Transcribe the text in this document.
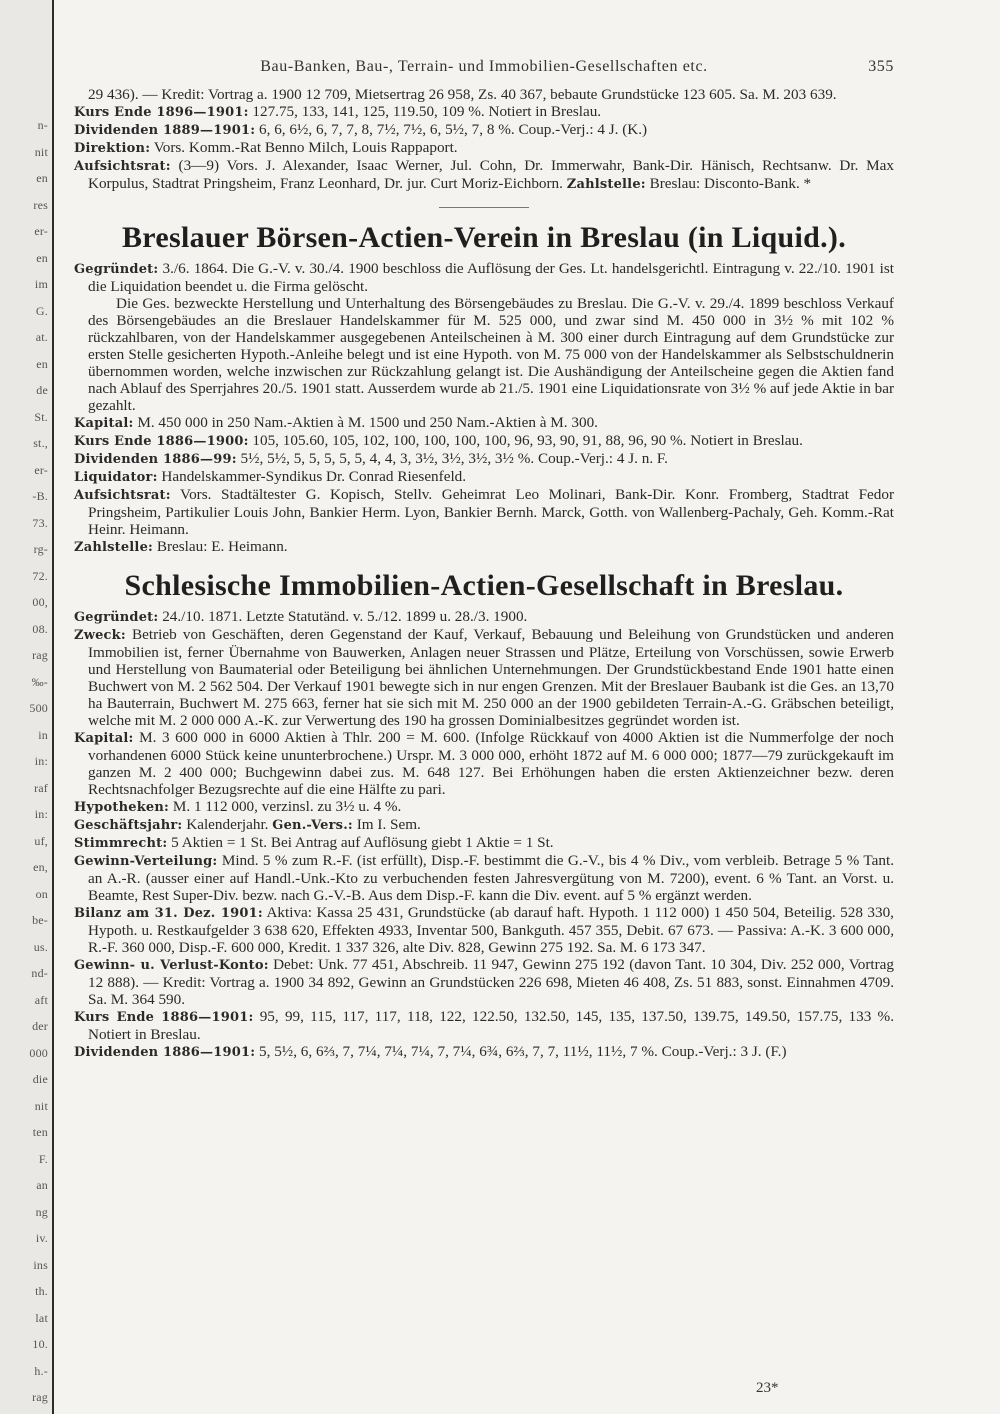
n-
nit
en
res
er-
en
im
G.
at.
en
de
St.
st.,
er-
-B.
73.
rg-
72.
00,
08.
rag
‰-
500
in
in:
raf
in:
uf,
en,
on
be-
us.
nd-
aft
der
000
die
nit
ten
F.
an
ng
iv.
ins
th.
lat
10.
h.-
rag
Bau-Banken, Bau-, Terrain- und Immobilien-Gesellschaften etc.	355

29 436). — Kredit: Vortrag a. 1900 12 709, Mietsertrag 26 958, Zs. 40 367, bebaute Grundstücke 123 605. Sa. M. 203 639.

Kurs Ende 1896—1901: 127.75, 133, 141, 125, 119.50, 109 %. Notiert in Breslau.

Dividenden 1889—1901: 6, 6, 6½, 6, 7, 7, 8, 7½, 7½, 6, 5½, 7, 8 %. Coup.-Verj.: 4 J. (K.)

Direktion: Vors. Komm.-Rat Benno Milch, Louis Rappaport.

Aufsichtsrat: (3—9) Vors. J. Alexander, Isaac Werner, Jul. Cohn, Dr. Immerwahr, Bank-Dir. Hänisch, Rechtsanw. Dr. Max Korpulus, Stadtrat Pringsheim, Franz Leonhard, Dr. jur. Curt Moriz-Eichborn. Zahlstelle: Breslau: Disconto-Bank. *

Breslauer Börsen-Actien-Verein in Breslau (in Liquid.).

Gegründet: 3./6. 1864. Die G.-V. v. 30./4. 1900 beschloss die Auflösung der Ges. Lt. handelsgerichtl. Eintragung v. 22./10. 1901 ist die Liquidation beendet u. die Firma gelöscht.

Die Ges. bezweckte Herstellung und Unterhaltung des Börsengebäudes zu Breslau. Die G.-V. v. 29./4. 1899 beschloss Verkauf des Börsengebäudes an die Breslauer Handelskammer für M. 525 000, und zwar sind M. 450 000 in 3½ % mit 102 % rückzahlbaren, von der Handelskammer ausgegebenen Anteilscheinen à M. 300 einer durch Eintragung auf dem Grundstücke zur ersten Stelle gesicherten Hypoth.-Anleihe belegt und ist eine Hypoth. von M. 75 000 von der Handelskammer als Selbstschuldnerin übernommen worden, welche inzwischen zur Rückzahlung gelangt ist. Die Aushändigung der Anteilscheine gegen die Aktien fand nach Ablauf des Sperrjahres 20./5. 1901 statt. Ausserdem wurde ab 21./5. 1901 eine Liquidationsrate von 3½ % auf jede Aktie in bar gezahlt.

Kapital: M. 450 000 in 250 Nam.-Aktien à M. 1500 und 250 Nam.-Aktien à M. 300.

Kurs Ende 1886—1900: 105, 105.60, 105, 102, 100, 100, 100, 100, 96, 93, 90, 91, 88, 96, 90 %. Notiert in Breslau.

Dividenden 1886—99: 5½, 5½, 5, 5, 5, 5, 5, 4, 4, 3, 3½, 3½, 3½, 3½ %. Coup.-Verj.: 4 J. n. F.

Liquidator: Handelskammer-Syndikus Dr. Conrad Riesenfeld.

Aufsichtsrat: Vors. Stadtältester G. Kopisch, Stellv. Geheimrat Leo Molinari, Bank-Dir. Konr. Fromberg, Stadtrat Fedor Pringsheim, Partikulier Louis John, Bankier Herm. Lyon, Bankier Bernh. Marck, Gotth. von Wallenberg-Pachaly, Geh. Komm.-Rat Heinr. Heimann.

Zahlstelle: Breslau: E. Heimann.

Schlesische Immobilien-Actien-Gesellschaft in Breslau.

Gegründet: 24./10. 1871. Letzte Statutänd. v. 5./12. 1899 u. 28./3. 1900.

Zweck: Betrieb von Geschäften, deren Gegenstand der Kauf, Verkauf, Bebauung und Beleihung von Grundstücken und anderen Immobilien ist, ferner Übernahme von Bauwerken, Anlagen neuer Strassen und Plätze, Erteilung von Vorschüssen, sowie Erwerb und Herstellung von Baumaterial oder Beteiligung bei ähnlichen Unternehmungen. Der Grundstückbestand Ende 1901 hatte einen Buchwert von M. 2 562 504. Der Verkauf 1901 bewegte sich in nur engen Grenzen. Mit der Breslauer Baubank ist die Ges. an 13,70 ha Bauterrain, Buchwert M. 275 663, ferner hat sie sich mit M. 250 000 an der 1900 gebildeten Terrain-A.-G. Gräbschen beteiligt, welche mit M. 2 000 000 A.-K. zur Verwertung des 190 ha grossen Dominialbesitzes gegründet worden ist.

Kapital: M. 3 600 000 in 6000 Aktien à Thlr. 200 = M. 600. (Infolge Rückkauf von 4000 Aktien ist die Nummerfolge der noch vorhandenen 6000 Stück keine ununterbrochene.) Urspr. M. 3 000 000, erhöht 1872 auf M. 6 000 000; 1877—79 zurückgekauft im ganzen M. 2 400 000; Buchgewinn dabei zus. M. 648 127. Bei Erhöhungen haben die ersten Aktienzeichner bezw. deren Rechtsnachfolger Bezugsrechte auf die eine Hälfte zu pari.

Hypotheken: M. 1 112 000, verzinsl. zu 3½ u. 4 %.

Geschäftsjahr: Kalenderjahr. Gen.-Vers.: Im I. Sem.

Stimmrecht: 5 Aktien = 1 St. Bei Antrag auf Auflösung giebt 1 Aktie = 1 St.

Gewinn-Verteilung: Mind. 5 % zum R.-F. (ist erfüllt), Disp.-F. bestimmt die G.-V., bis 4 % Div., vom verbleib. Betrage 5 % Tant. an A.-R. (ausser einer auf Handl.-Unk.-Kto zu verbuchenden festen Jahresvergütung von M. 7200), event. 6 % Tant. an Vorst. u. Beamte, Rest Super-Div. bezw. nach G.-V.-B. Aus dem Disp.-F. kann die Div. event. auf 5 % ergänzt werden.

Bilanz am 31. Dez. 1901: Aktiva: Kassa 25 431, Grundstücke (ab darauf haft. Hypoth. 1 112 000) 1 450 504, Beteilig. 528 330, Hypoth. u. Restkaufgelder 3 638 620, Effekten 4933, Inventar 500, Bankguth. 457 355, Debit. 67 673. — Passiva: A.-K. 3 600 000, R.-F. 360 000, Disp.-F. 600 000, Kredit. 1 337 326, alte Div. 828, Gewinn 275 192. Sa. M. 6 173 347.

Gewinn- u. Verlust-Konto: Debet: Unk. 77 451, Abschreib. 11 947, Gewinn 275 192 (davon Tant. 10 304, Div. 252 000, Vortrag 12 888). — Kredit: Vortrag a. 1900 34 892, Gewinn an Grundstücken 226 698, Mieten 46 408, Zs. 51 883, sonst. Einnahmen 4709. Sa. M. 364 590.

Kurs Ende 1886—1901: 95, 99, 115, 117, 117, 118, 122, 122.50, 132.50, 145, 135, 137.50, 139.75, 149.50, 157.75, 133 %. Notiert in Breslau.

Dividenden 1886—1901: 5, 5½, 6, 6⅔, 7, 7¼, 7¼, 7¼, 7, 7¼, 6¾, 6⅔, 7, 7, 11½, 11½, 7 %. Coup.-Verj.: 3 J. (F.)

23*
